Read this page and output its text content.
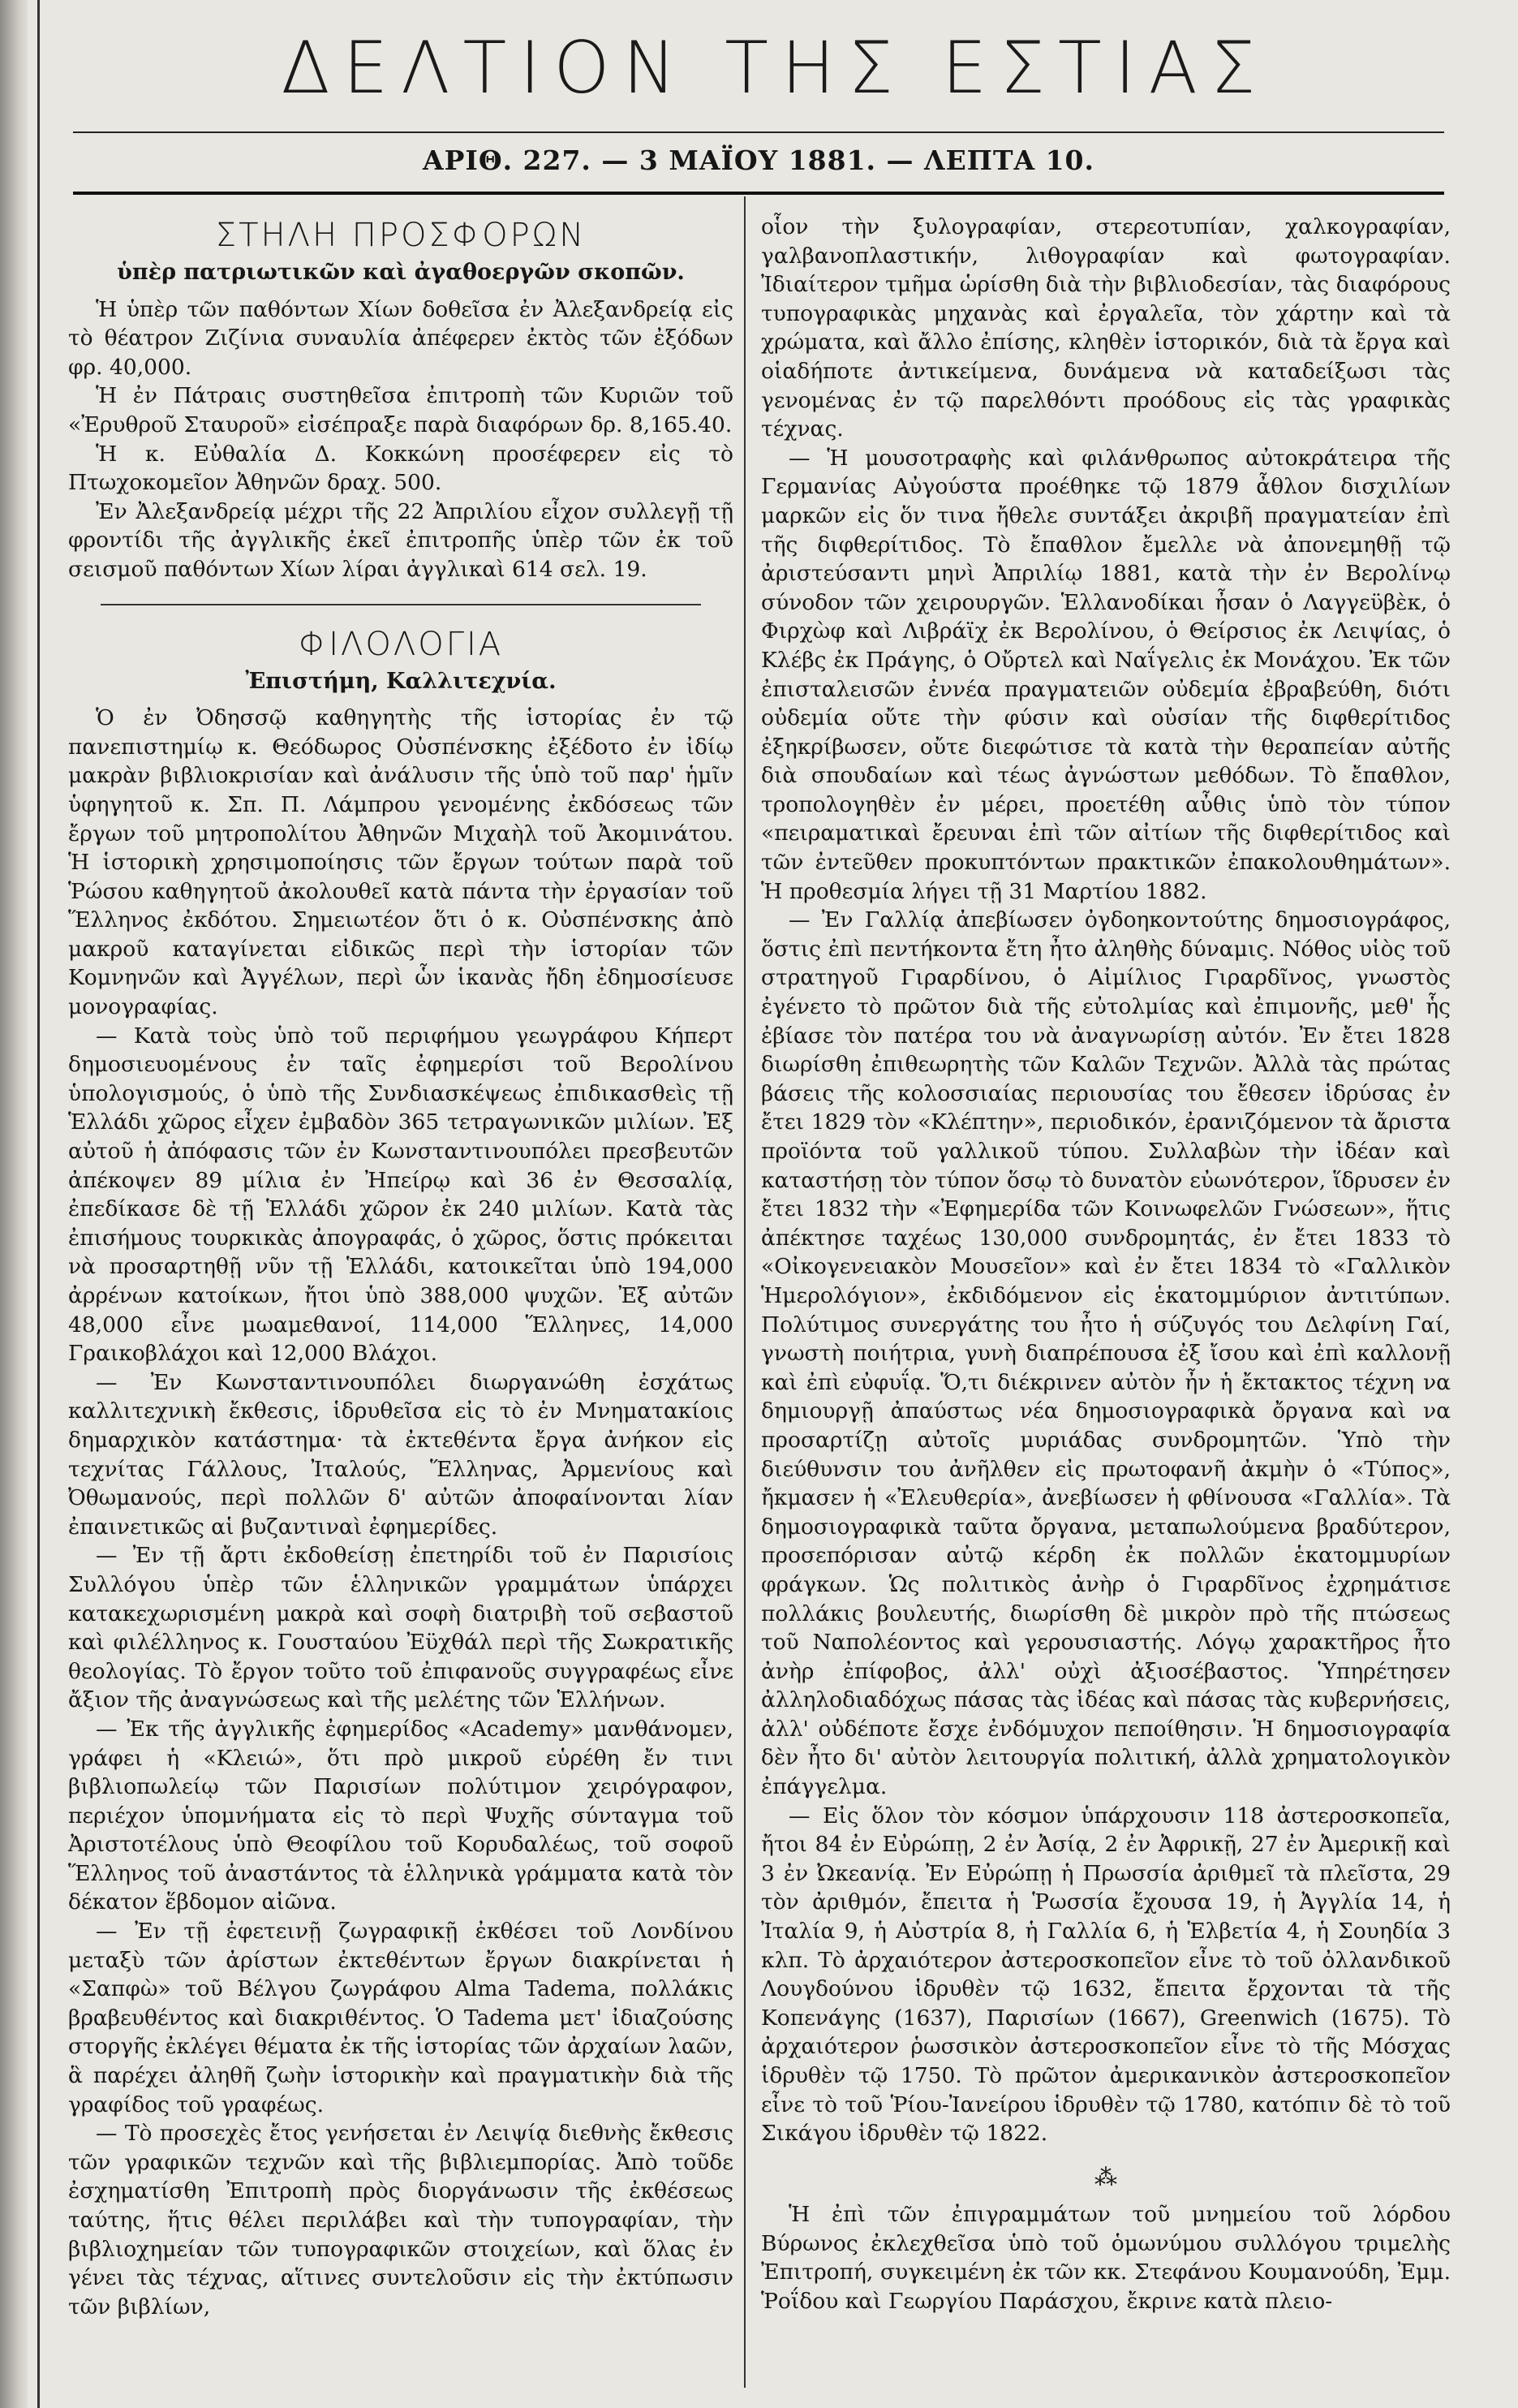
ΔΕΛΤΙΟΝ ΤΗΣ ΕΣΤΙΑΣ
ΑΡΙΘ. 227. — 3 ΜΑΪΟΥ 1881. — ΛΕΠΤΑ 10.
ΣΤΗΛΗ ΠΡΟΣΦΟΡΩΝ
ὑπὲρ πατριωτικῶν καὶ ἀγαθοεργῶν σκοπῶν.

Ἡ ὑπὲρ τῶν παθόντων Χίων δοθεῖσα ἐν Ἀλεξανδρείᾳ εἰς τὸ θέατρον Ζιζίνια συναυλία ἀπέφερεν ἐκτὸς τῶν ἐξόδων φρ. 40,000.

Ἡ ἐν Πάτραις συστηθεῖσα ἐπιτροπὴ τῶν Κυριῶν τοῦ «Ἐρυθροῦ Σταυροῦ» εἰσέπραξε παρὰ διαφόρων δρ. 8,165.40.

Ἡ κ. Εὐθαλία Δ. Κοκκώνη προσέφερεν εἰς τὸ Πτωχοκομεῖον Ἀθηνῶν δραχ. 500.

Ἐν Ἀλεξανδρείᾳ μέχρι τῆς 22 Ἀπριλίου εἶχον συλλεγῇ τῇ φροντίδι τῆς ἀγγλικῆς ἐκεῖ ἐπιτροπῆς ὑπὲρ τῶν ἐκ τοῦ σεισμοῦ παθόντων Χίων λίραι ἀγγλικαὶ 614 σελ. 19.

ΦΙΛΟΛΟΓΙΑ
Ἐπιστήμη, Καλλιτεχνία.

Ὁ ἐν Ὀδησσῷ καθηγητὴς τῆς ἱστορίας ἐν τῷ πανεπιστημίῳ κ. Θεόδωρος Οὐσπένσκης ἐξέδοτο ἐν ἰδίῳ μακρὰν βιβλιοκρισίαν καὶ ἀνάλυσιν τῆς ὑπὸ τοῦ παρ' ἡμῖν ὑφηγητοῦ κ. Σπ. Π. Λάμπρου γενομένης ἐκδόσεως τῶν ἔργων τοῦ μητροπολίτου Ἀθηνῶν Μιχαὴλ τοῦ Ἀκομινάτου. Ἡ ἱστορικὴ χρησιμοποίησις τῶν ἔργων τούτων παρὰ τοῦ Ῥώσου καθηγητοῦ ἀκολουθεῖ κατὰ πάντα τὴν ἐργασίαν τοῦ Ἕλληνος ἐκδότου. Σημειωτέον ὅτι ὁ κ. Οὐσπένσκης ἀπὸ μακροῦ καταγίνεται εἰδικῶς περὶ τὴν ἱστορίαν τῶν Κομνηνῶν καὶ Ἀγγέλων, περὶ ὧν ἱκανὰς ἤδη ἐδημοσίευσε μονογραφίας.

— Κατὰ τοὺς ὑπὸ τοῦ περιφήμου γεωγράφου Κήπερτ δημοσιευομένους ἐν ταῖς ἐφημερίσι τοῦ Βερολίνου ὑπολογισμούς, ὁ ὑπὸ τῆς Συνδιασκέψεως ἐπιδικασθεὶς τῇ Ἑλλάδι χῶρος εἶχεν ἐμβαδὸν 365 τετραγωνικῶν μιλίων. Ἐξ αὐτοῦ ἡ ἀπόφασις τῶν ἐν Κωνσταντινουπόλει πρεσβευτῶν ἀπέκοψεν 89 μίλια ἐν Ἠπείρῳ καὶ 36 ἐν Θεσσαλίᾳ, ἐπεδίκασε δὲ τῇ Ἑλλάδι χῶρον ἐκ 240 μιλίων. Κατὰ τὰς ἐπισήμους τουρκικὰς ἀπογραφάς, ὁ χῶρος, ὅστις πρόκειται νὰ προσαρτηθῇ νῦν τῇ Ἑλλάδι, κατοικεῖται ὑπὸ 194,000 ἀρρένων κατοίκων, ἤτοι ὑπὸ 388,000 ψυχῶν. Ἐξ αὐτῶν 48,000 εἶνε μωαμεθανοί, 114,000 Ἕλληνες, 14,000 Γραικοβλάχοι καὶ 12,000 Βλάχοι.

— Ἐν Κωνσταντινουπόλει διωργανώθη ἐσχάτως καλλιτεχνικὴ ἔκθεσις, ἱδρυθεῖσα εἰς τὸ ἐν Μνηματακίοις δημαρχικὸν κατάστημα· τὰ ἐκτεθέντα ἔργα ἀνήκον εἰς τεχνίτας Γάλλους, Ἰταλούς, Ἕλληνας, Ἀρμενίους καὶ Ὀθωμανούς, περὶ πολλῶν δ' αὐτῶν ἀποφαίνονται λίαν ἐπαινετικῶς αἱ βυζαντιναὶ ἐφημερίδες.

— Ἐν τῇ ἄρτι ἐκδοθείσῃ ἐπετηρίδι τοῦ ἐν Παρισίοις Συλλόγου ὑπὲρ τῶν ἑλληνικῶν γραμμάτων ὑπάρχει κατακεχωρισμένη μακρὰ καὶ σοφὴ διατριβὴ τοῦ σεβαστοῦ καὶ φιλέλληνος κ. Γουσταύου Ἐϋχθάλ περὶ τῆς Σωκρατικῆς θεολογίας. Τὸ ἔργον τοῦτο τοῦ ἐπιφανοῦς συγγραφέως εἶνε ἄξιον τῆς ἀναγνώσεως καὶ τῆς μελέτης τῶν Ἑλλήνων.

— Ἐκ τῆς ἀγγλικῆς ἐφημερίδος «Academy» μανθάνομεν, γράφει ἡ «Κλειώ», ὅτι πρὸ μικροῦ εὑρέθη ἔν τινι βιβλιοπωλείῳ τῶν Παρισίων πολύτιμον χειρόγραφον, περιέχον ὑπομνήματα εἰς τὸ περὶ Ψυχῆς σύνταγμα τοῦ Ἀριστοτέλους ὑπὸ Θεοφίλου τοῦ Κορυδαλέως, τοῦ σοφοῦ Ἕλληνος τοῦ ἀναστάντος τὰ ἑλληνικὰ γράμματα κατὰ τὸν δέκατον ἕβδομον αἰῶνα.

— Ἐν τῇ ἐφετεινῇ ζωγραφικῇ ἐκθέσει τοῦ Λονδίνου μεταξὺ τῶν ἀρίστων ἐκτεθέντων ἔργων διακρίνεται ἡ «Σαπφὼ» τοῦ Βέλγου ζωγράφου Alma Tadema, πολλάκις βραβευθέντος καὶ διακριθέντος. Ὁ Tadema μετ' ἰδιαζούσης στοργῆς ἐκλέγει θέματα ἐκ τῆς ἱστορίας τῶν ἀρχαίων λαῶν, ἃ παρέχει ἀληθῆ ζωὴν ἱστορικὴν καὶ πραγματικὴν διὰ τῆς γραφίδος τοῦ γραφέως.

— Τὸ προσεχὲς ἔτος γενήσεται ἐν Λειψίᾳ διεθνὴς ἔκθεσις τῶν γραφικῶν τεχνῶν καὶ τῆς βιβλιεμπορίας. Ἀπὸ τοῦδε ἐσχηματίσθη Ἐπιτροπὴ πρὸς διοργάνωσιν τῆς ἐκθέσεως ταύτης, ἥτις θέλει περιλάβει καὶ τὴν τυπογραφίαν, τὴν βιβλιοχημείαν τῶν τυπογραφικῶν στοιχείων, καὶ ὅλας ἐν γένει τὰς τέχνας, αἵτινες συντελοῦσιν εἰς τὴν ἐκτύπωσιν τῶν βιβλίων,

οἷον τὴν ξυλογραφίαν, στερεοτυπίαν, χαλκογραφίαν, γαλβανοπλαστικήν, λιθογραφίαν καὶ φωτογραφίαν. Ἰδιαίτερον τμῆμα ὡρίσθη διὰ τὴν βιβλιοδεσίαν, τὰς διαφόρους τυπογραφικὰς μηχανὰς καὶ ἐργαλεῖα, τὸν χάρτην καὶ τὰ χρώματα, καὶ ἄλλο ἐπίσης, κληθὲν ἱστορικόν, διὰ τὰ ἔργα καὶ οἱαδήποτε ἀντικείμενα, δυνάμενα νὰ καταδείξωσι τὰς γενομένας ἐν τῷ παρελθόντι προόδους εἰς τὰς γραφικὰς τέχνας.

— Ἡ μουσοτραφὴς καὶ φιλάνθρωπος αὐτοκράτειρα τῆς Γερμανίας Αὐγούστα προέθηκε τῷ 1879 ἆθλον δισχιλίων μαρκῶν εἰς ὅν τινα ἤθελε συντάξει ἀκριβῆ πραγματείαν ἐπὶ τῆς διφθερίτιδος. Τὸ ἔπαθλον ἔμελλε νὰ ἀπονεμηθῇ τῷ ἀριστεύσαντι μηνὶ Ἀπριλίῳ 1881, κατὰ τὴν ἐν Βερολίνῳ σύνοδον τῶν χειρουργῶν. Ἑλλανοδίκαι ἦσαν ὁ Λαγγεϋβὲκ, ὁ Φιρχὼφ καὶ Λιβράϊχ ἐκ Βερολίνου, ὁ Θείρσιος ἐκ Λειψίας, ὁ Κλέβς ἐκ Πράγης, ὁ Οὔρτελ καὶ Ναΐγελις ἐκ Μονάχου. Ἐκ τῶν ἐπισταλεισῶν ἐννέα πραγματειῶν οὐδεμία ἐβραβεύθη, διότι οὐδεμία οὔτε τὴν φύσιν καὶ οὐσίαν τῆς διφθερίτιδος ἐξηκρίβωσεν, οὔτε διεφώτισε τὰ κατὰ τὴν θεραπείαν αὐτῆς διὰ σπουδαίων καὶ τέως ἀγνώστων μεθόδων. Τὸ ἔπαθλον, τροπολογηθὲν ἐν μέρει, προετέθη αὖθις ὑπὸ τὸν τύπον «πειραματικαὶ ἔρευναι ἐπὶ τῶν αἰτίων τῆς διφθερίτιδος καὶ τῶν ἐντεῦθεν προκυπτόντων πρακτικῶν ἐπακολουθημάτων». Ἡ προθεσμία λήγει τῇ 31 Μαρτίου 1882.

— Ἐν Γαλλίᾳ ἀπεβίωσεν ὀγδοηκοντούτης δημοσιογράφος, ὅστις ἐπὶ πεντήκοντα ἔτη ἦτο ἀληθὴς δύναμις. Νόθος υἱὸς τοῦ στρατηγοῦ Γιραρδίνου, ὁ Αἰμίλιος Γιραρδῖνος, γνωστὸς ἐγένετο τὸ πρῶτον διὰ τῆς εὐτολμίας καὶ ἐπιμονῆς, μεθ' ἧς ἐβίασε τὸν πατέρα του νὰ ἀναγνωρίσῃ αὐτόν. Ἐν ἔτει 1828 διωρίσθη ἐπιθεωρητὴς τῶν Καλῶν Τεχνῶν. Ἀλλὰ τὰς πρώτας βάσεις τῆς κολοσσιαίας περιουσίας του ἔθεσεν ἱδρύσας ἐν ἔτει 1829 τὸν «Κλέπτην», περιοδικόν, ἐρανιζόμενον τὰ ἄριστα προϊόντα τοῦ γαλλικοῦ τύπου. Συλλαβὼν τὴν ἰδέαν καὶ καταστήσῃ τὸν τύπον ὅσῳ τὸ δυνατὸν εὐωνότερον, ἵδρυσεν ἐν ἔτει 1832 τὴν «Ἐφημερίδα τῶν Κοινωφελῶν Γνώσεων», ἥτις ἀπέκτησε ταχέως 130,000 συνδρομητάς, ἐν ἔτει 1833 τὸ «Οἰκογενειακὸν Μουσεῖον» καὶ ἐν ἔτει 1834 τὸ «Γαλλικὸν Ἡμερολόγιον», ἐκδιδόμενον εἰς ἑκατομμύριον ἀντιτύπων. Πολύτιμος συνεργάτης του ἦτο ἡ σύζυγός του Δελφίνη Γαί, γνωστὴ ποιήτρια, γυνὴ διαπρέπουσα ἐξ ἴσου καὶ ἐπὶ καλλονῇ καὶ ἐπὶ εὐφυΐᾳ. Ὅ,τι διέκρινεν αὐτὸν ἦν ἡ ἔκτακτος τέχνη να δημιουργῇ ἀπαύστως νέα δημοσιογραφικὰ ὄργανα καὶ να προσαρτίζῃ αὐτοῖς μυριάδας συνδρομητῶν. Ὑπὸ τὴν διεύθυνσιν του ἀνῆλθεν εἰς πρωτοφανῆ ἀκμὴν ὁ «Τύπος», ἤκμασεν ἡ «Ἐλευθερία», ἀνεβίωσεν ἡ φθίνουσα «Γαλλία». Τὰ δημοσιογραφικὰ ταῦτα ὄργανα, μεταπωλούμενα βραδύτερον, προσεπόρισαν αὐτῷ κέρδη ἐκ πολλῶν ἑκατομμυρίων φράγκων. Ὡς πολιτικὸς ἀνὴρ ὁ Γιραρδῖνος ἐχρημάτισε πολλάκις βουλευτής, διωρίσθη δὲ μικρὸν πρὸ τῆς πτώσεως τοῦ Ναπολέοντος καὶ γερουσιαστής. Λόγῳ χαρακτῆρος ἦτο ἀνὴρ ἐπίφοβος, ἀλλ' οὐχὶ ἀξιοσέβαστος. Ὑπηρέτησεν ἀλληλοδιαδόχως πάσας τὰς ἰδέας καὶ πάσας τὰς κυβερνήσεις, ἀλλ' οὐδέποτε ἔσχε ἐνδόμυχον πεποίθησιν. Ἡ δημοσιογραφία δὲν ἦτο δι' αὐτὸν λειτουργία πολιτική, ἀλλὰ χρηματολογικὸν ἐπάγγελμα.

— Εἰς ὅλον τὸν κόσμον ὑπάρχουσιν 118 ἀστεροσκοπεῖα, ἤτοι 84 ἐν Εὐρώπῃ, 2 ἐν Ἀσίᾳ, 2 ἐν Ἀφρικῇ, 27 ἐν Ἀμερικῇ καὶ 3 ἐν Ὠκεανίᾳ. Ἐν Εὐρώπῃ ἡ Πρωσσία ἀριθμεῖ τὰ πλεῖστα, 29 τὸν ἀριθμόν, ἔπειτα ἡ Ῥωσσία ἔχουσα 19, ἡ Ἀγγλία 14, ἡ Ἰταλία 9, ἡ Αὐστρία 8, ἡ Γαλλία 6, ἡ Ἑλβετία 4, ἡ Σουηδία 3 κλπ. Τὸ ἀρχαιότερον ἀστεροσκοπεῖον εἶνε τὸ τοῦ ὀλλανδικοῦ Λουγδούνου ἱδρυθὲν τῷ 1632, ἔπειτα ἔρχονται τὰ τῆς Κοπενάγης (1637), Παρισίων (1667), Greenwich (1675). Τὸ ἀρχαιότερον ῥωσσικὸν ἀστεροσκοπεῖον εἶνε τὸ τῆς Μόσχας ἱδρυθὲν τῷ 1750. Τὸ πρῶτον ἀμερικανικὸν ἀστεροσκοπεῖον εἶνε τὸ τοῦ Ῥίου-Ἰανείρου ἱδρυθὲν τῷ 1780, κατόπιν δὲ τὸ τοῦ Σικάγου ἱδρυθὲν τῷ 1822.

⁂

Ἡ ἐπὶ τῶν ἐπιγραμμάτων τοῦ μνημείου τοῦ λόρδου Βύρωνος ἐκλεχθεῖσα ὑπὸ τοῦ ὁμωνύμου συλλόγου τριμελὴς Ἐπιτροπή, συγκειμένη ἐκ τῶν κκ. Στεφάνου Κουμανούδη, Ἐμμ. Ῥοΐδου καὶ Γεωργίου Παράσχου, ἔκρινε κατὰ πλειο-
